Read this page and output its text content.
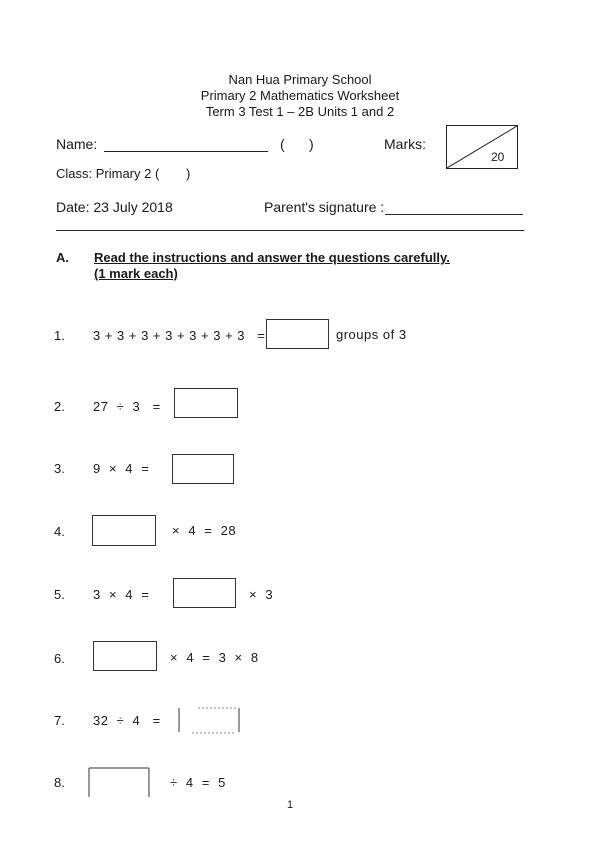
Nan Hua Primary School
Primary 2 Mathematics Worksheet
Term 3 Test 1 – 2B Units 1 and 2
Name:	( )	Marks:
20
Class: Primary 2 ( )
Date: 23 July 2018	Parent's signature :
A. Read the instructions and answer the questions carefully.
(1 mark each)
1. 3 + 3 + 3 + 3 + 3 + 3 + 3   =	groups of 3
2. 27  ÷  3   =
3. 9  ×  4  =
4.	×  4  =  28
5. 3  ×  4  =	×  3
6.	×  4  =  3  ×  8
7. 32  ÷  4   =
8.	÷  4  =  5
1
